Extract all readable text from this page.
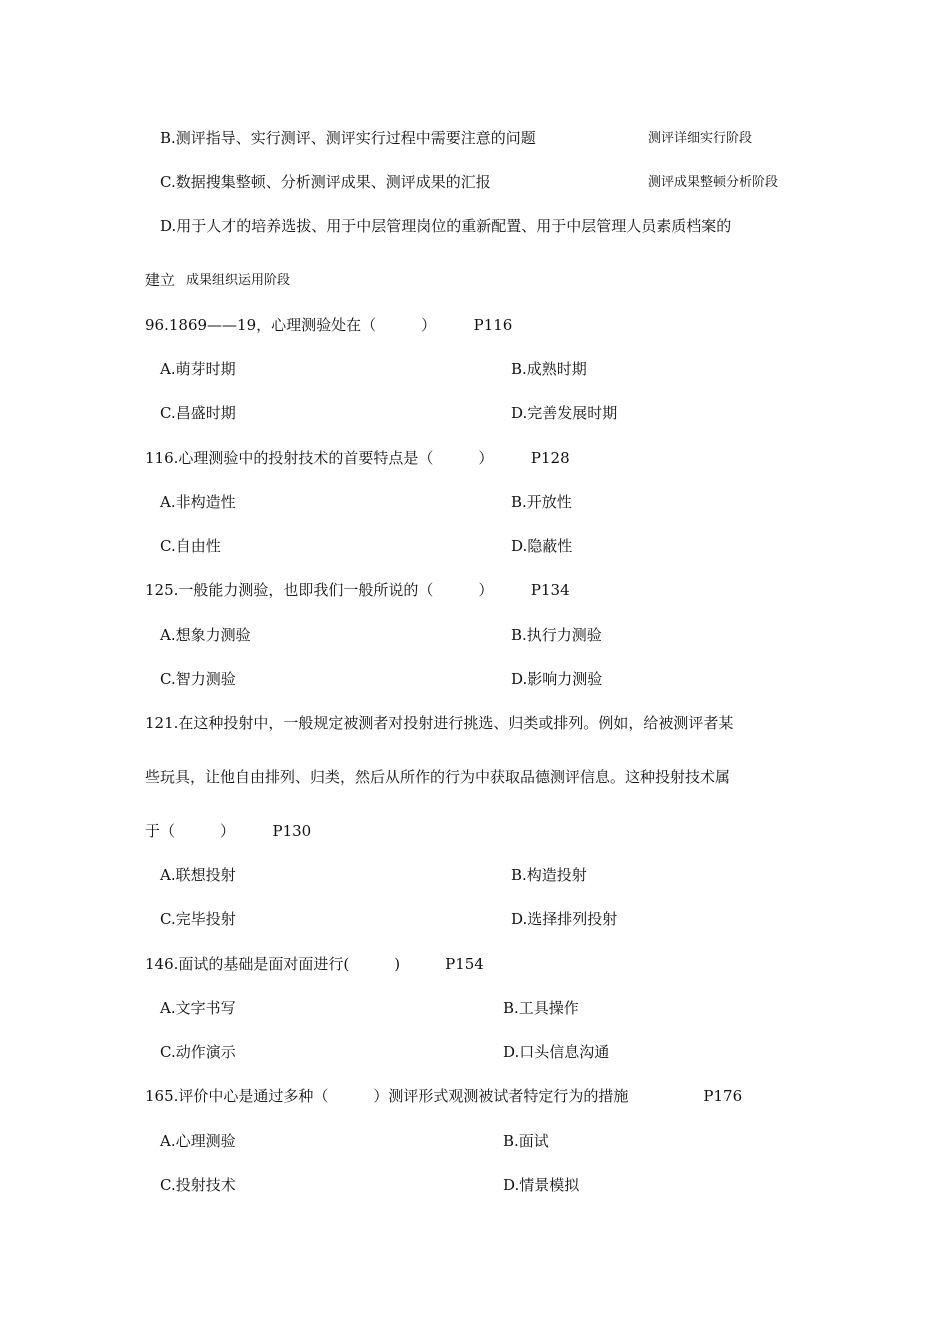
B.测评指导、实行测评、测评实行过程中需要注意的问题	测评详细实行阶段
C.数据搜集整顿、分析测评成果、测评成果的汇报	测评成果整顿分析阶段
D.用于人才的培养选拔、用于中层管理岗位的重新配置、用于中层管理人员素质档案的
建立 成果组织运用阶段
96.1869——19，心理测验处在（　　　）　　　P116
A.萌芽时期	B.成熟时期
C.昌盛时期	D.完善发展时期
116.心理测验中的投射技术的首要特点是（　　　）　　　P128
A.非构造性	B.开放性
C.自由性	D.隐蔽性
125.一般能力测验，也即我们一般所说的（　　　）　　　P134
A.想象力测验	B.执行力测验
C.智力测验	D.影响力测验
121.在这种投射中，一般规定被测者对投射进行挑选、归类或排列。例如，给被测评者某
些玩具，让他自由排列、归类，然后从所作的行为中获取品德测评信息。这种投射技术属
于（　　　）　　　P130
A.联想投射	B.构造投射
C.完毕投射	D.选择排列投射
146.面试的基础是面对面进行(　　　)　　　P154
A.文字书写	B.工具操作
C.动作演示	D.口头信息沟通
165.评价中心是通过多种（　　　）测评形式观测被试者特定行为的措施　　　　　P176
A.心理测验	B.面试
C.投射技术	D.情景模拟
